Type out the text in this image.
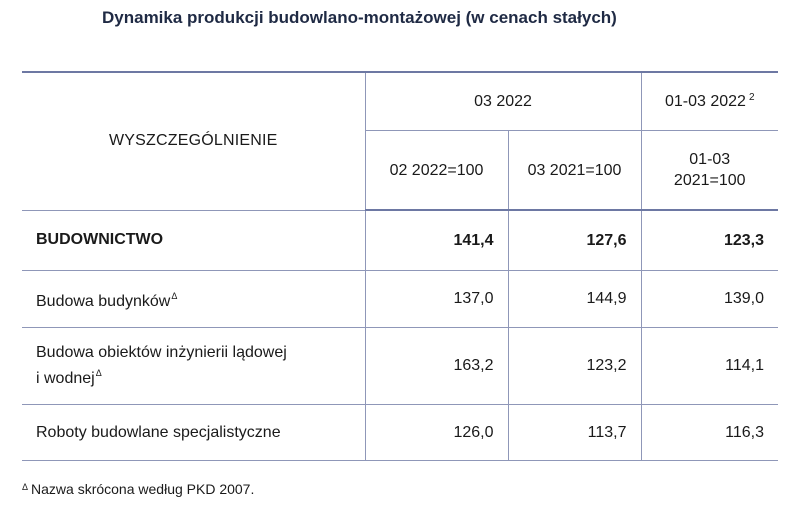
Dynamika produkcji budowlano-montażowej (w cenach stałych)
WYSZCZEGÓLNIENIE	03 2022		01-03 2022 $^2$
	02 2022=100	03 2021=100	01-03
2021=100
BUDOWNICTWO	141,4	127,6	123,3
Budowa budynków$^\Delta$	137,0	144,9	139,0
Budowa obiektów inżynierii lądowej
i wodnej$^\Delta$	163,2	123,2	114,1
Roboty budowlane specjalistyczne	126,0	113,7	116,3
$^\Delta$ Nazwa skrócona według PKD 2007.
